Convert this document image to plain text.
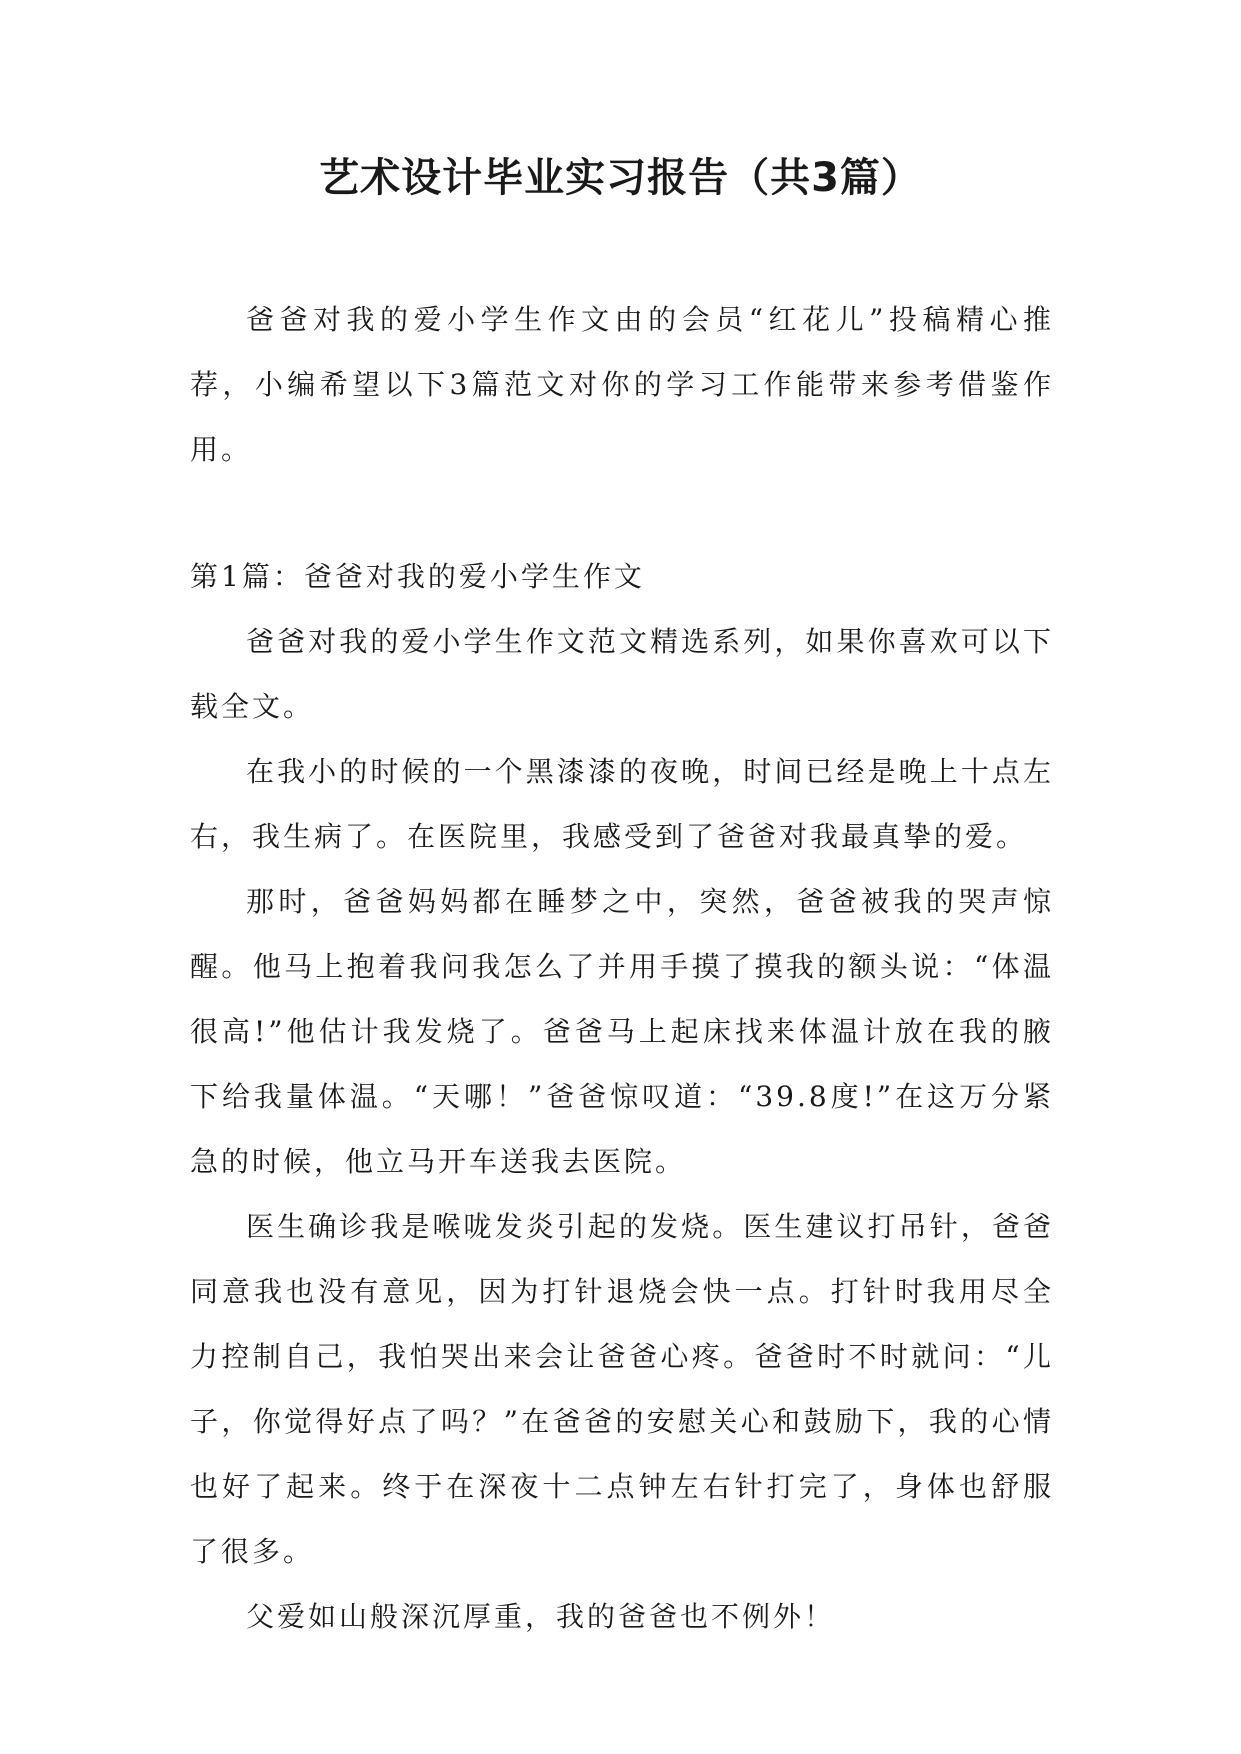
艺术设计毕业实习报告（共3篇）

爸爸对我的爱小学生作文由的会员“红花儿”投稿精心推荐，小编希望以下3篇范文对你的学习工作能带来参考借鉴作用。

第1篇：爸爸对我的爱小学生作文

爸爸对我的爱小学生作文范文精选系列，如果你喜欢可以下载全文。

在我小的时候的一个黑漆漆的夜晚，时间已经是晚上十点左右，我生病了。在医院里，我感受到了爸爸对我最真挚的爱。

那时，爸爸妈妈都在睡梦之中，突然，爸爸被我的哭声惊醒。他马上抱着我问我怎么了并用手摸了摸我的额头说：“体温很高!”他估计我发烧了。爸爸马上起床找来体温计放在我的腋下给我量体温。“天哪！”爸爸惊叹道：“39.8度!”在这万分紧急的时候，他立马开车送我去医院。

医生确诊我是喉咙发炎引起的发烧。医生建议打吊针，爸爸同意我也没有意见，因为打针退烧会快一点。打针时我用尽全力控制自己，我怕哭出来会让爸爸心疼。爸爸时不时就问：“儿子，你觉得好点了吗？”在爸爸的安慰关心和鼓励下，我的心情也好了起来。终于在深夜十二点钟左右针打完了，身体也舒服了很多。

父爱如山般深沉厚重，我的爸爸也不例外！
